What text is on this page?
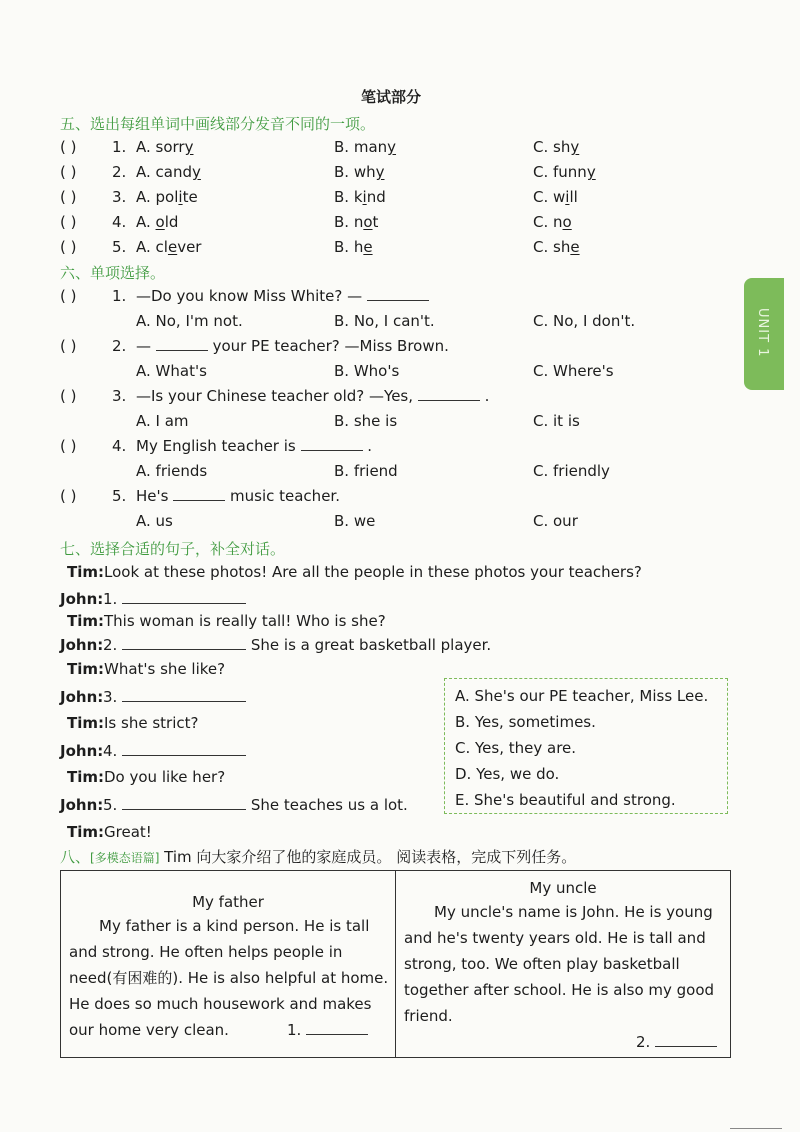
UNIT 1
笔试部分
五、选出每组单词中画线部分发音不同的一项。
( ) 1. A. sorry	B. many	C. shy
( ) 2. A. candy	B. why	C. funny
( ) 3. A. polite	B. kind	C. will
( ) 4. A. old	B. not	C. no
( ) 5. A. clever	B. he	C. she
六、单项选择。
( ) 1. —Do you know Miss White? —
A. No, I'm not.	B. No, I can't.	C. No, I don't.
( ) 2. —	your PE teacher? —Miss Brown.
A. What's	B. Who's	C. Where's
( ) 3. —Is your Chinese teacher old? —Yes,	.
A. I am	B. she is	C. it is
( ) 4. My English teacher is	.
A. friends	B. friend	C. friendly
( ) 5. He's	music teacher.
A. us	B. we	C. our
七、选择合适的句子，补全对话。
Tim: Look at these photos! Are all the people in these photos your teachers?
John: 1.
Tim: This woman is really tall! Who is she?
John: 2.	She is a great basketball player.
Tim: What's she like?
John: 3.
Tim: Is she strict?
John: 4.
Tim: Do you like her?
John: 5.	She teaches us a lot.
Tim: Great!
A. She's our PE teacher, Miss Lee.
B. Yes, sometimes.
C. Yes, they are.
D. Yes, we do.
E. She's beautiful and strong.
八、[多模态语篇] Tim 向大家介绍了他的家庭成员。 阅读表格，完成下列任务。
My father
My father is a kind person. He is tall
and strong. He often helps people in
need(有困难的). He is also helpful at home.
He does so much housework and makes
our home very clean.	1.

My uncle
My uncle's name is John. He is young
and he's twenty years old. He is tall and
strong, too. We often play basketball
together after school. He is also my good
friend.
2.
